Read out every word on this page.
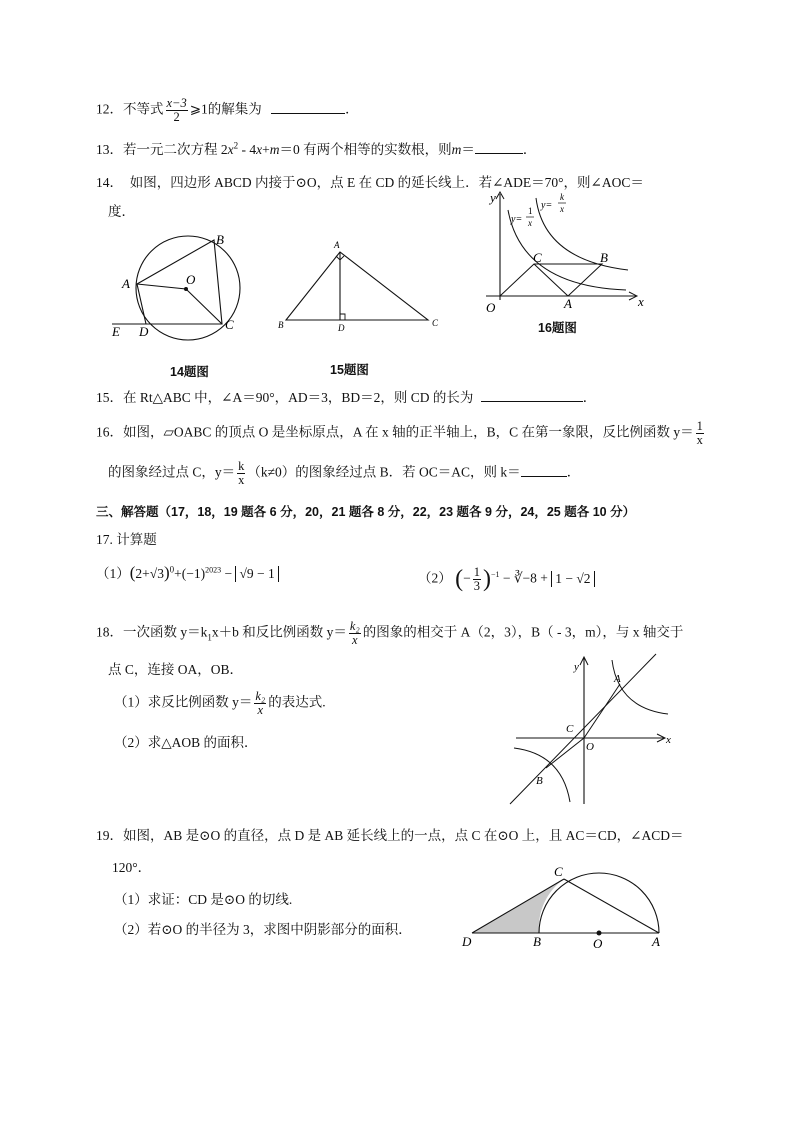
12．不等式 $\frac{x-3}{2}$ ⩾1的解集为	．
13．若一元二次方程 $2x^2 - 4x+m=0$ 有两个相等的实数根，则m＝	．
14．　如图，四边形 ABCD 内接于⊙O，点 E 在 CD 的延长线上．若∠ADE＝70°，则∠AOC＝
度．
A
B
C
D
E
O
14题图
A
B	D	C
15题图
y
x
O
C	B
A
y=
1
x
y=
k
x
16题图
15．在 Rt△ABC 中，∠A＝90°，AD＝3，BD＝2，则 CD 的长为	．
16．如图，▱OABC 的顶点 O 是坐标原点，A 在 x 轴的正半轴上，B，C 在第一象限，反比例函数 $y= \frac{1}{x}$
的图象经过点 C，$y= \frac{k}{x} (k\ne 0)$的图象经过点 B．若 OC＝AC，则 k＝	．
三、解答题（17，18，19 题各 6 分，20，21 题各 8 分，22，23 题各 9 分，24，25 题各 10 分）
17. 计算题
$(1)(2+√3)^0+(-1)^{2023} - √9 - 1$	（2） (− $\frac{1}{3} )^{-1}$ − ∛−8 + 1 − √2
18．一次函数 $y=k_1x+b$ 和反比例函数 $y= \frac{\text{k₂}}{x}$ 的图象的相交于 A（2，3），B（ - 3，m），与 x 轴交于
点 C，连接 OA，OB．
（1）求反比例函数 $y= \frac{\text{k₂}}{x}$ 的表达式.
（2）求△AOB 的面积．
y
x
A
B
C
O
19．如图，AB 是⊙O 的直径，点 D 是 AB 延长线上的一点，点 C 在⊙O 上，且 AC＝CD，∠ACD＝
120°．
（1）求证：CD 是⊙O 的切线.
（2）若⊙O 的半径为 3，求图中阴影部分的面积．
D	B	O	A
C
